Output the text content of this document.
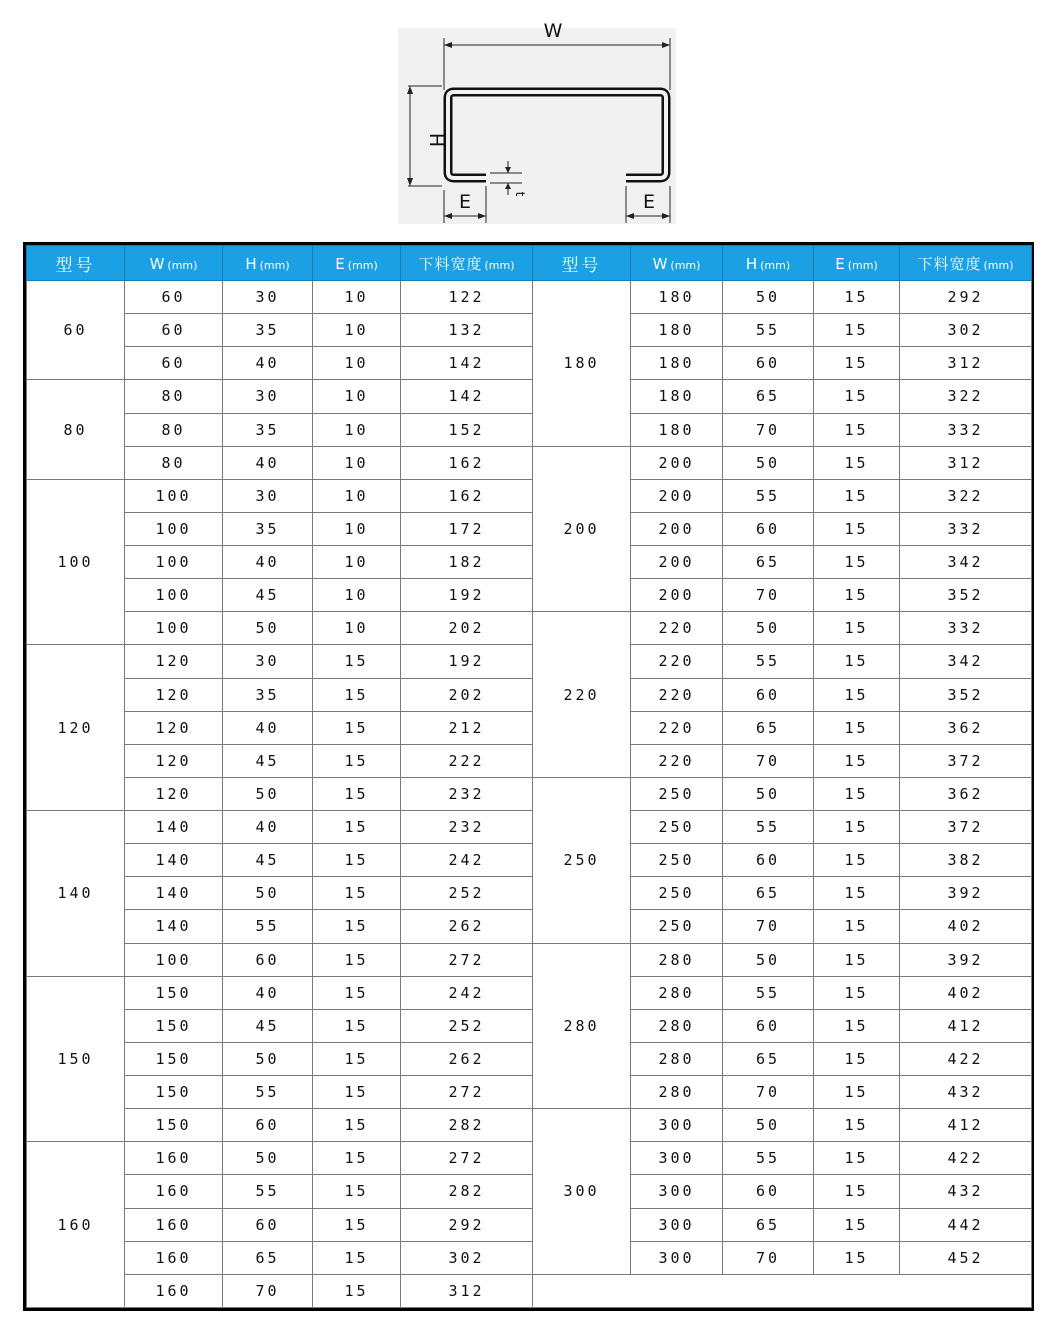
W
H
E	E
t
型号	W (mm)	H (mm)	E (mm)	下料宽度 (mm)	型号	W (mm)	H (mm)	E (mm)	下料宽度 (mm)
60	60	30	10	122	180	180	50	15	292
	60	35	10	132		180	55	15	302
	60	40	10	142		180	60	15	312
80	80	30	10	142		180	65	15	322
	80	35	10	152		180	70	15	332
	80	40	10	162	200	200	50	15	312
100	100	30	10	162		200	55	15	322
	100	35	10	172		200	60	15	332
	100	40	10	182		200	65	15	342
	100	45	10	192		200	70	15	352
	100	50	10	202	220	220	50	15	332
120	120	30	15	192		220	55	15	342
	120	35	15	202		220	60	15	352
	120	40	15	212		220	65	15	362
	120	45	15	222		220	70	15	372
	120	50	15	232	250	250	50	15	362
140	140	40	15	232		250	55	15	372
	140	45	15	242		250	60	15	382
	140	50	15	252		250	65	15	392
	140	55	15	262		250	70	15	402
	100	60	15	272	280	280	50	15	392
150	150	40	15	242		280	55	15	402
	150	45	15	252		280	60	15	412
	150	50	15	262		280	65	15	422
	150	55	15	272		280	70	15	432
	150	60	15	282	300	300	50	15	412
160	160	50	15	272		300	55	15	422
	160	55	15	282		300	60	15	432
	160	60	15	292		300	65	15	442
	160	65	15	302		300	70	15	452
	160	70	15	312					
